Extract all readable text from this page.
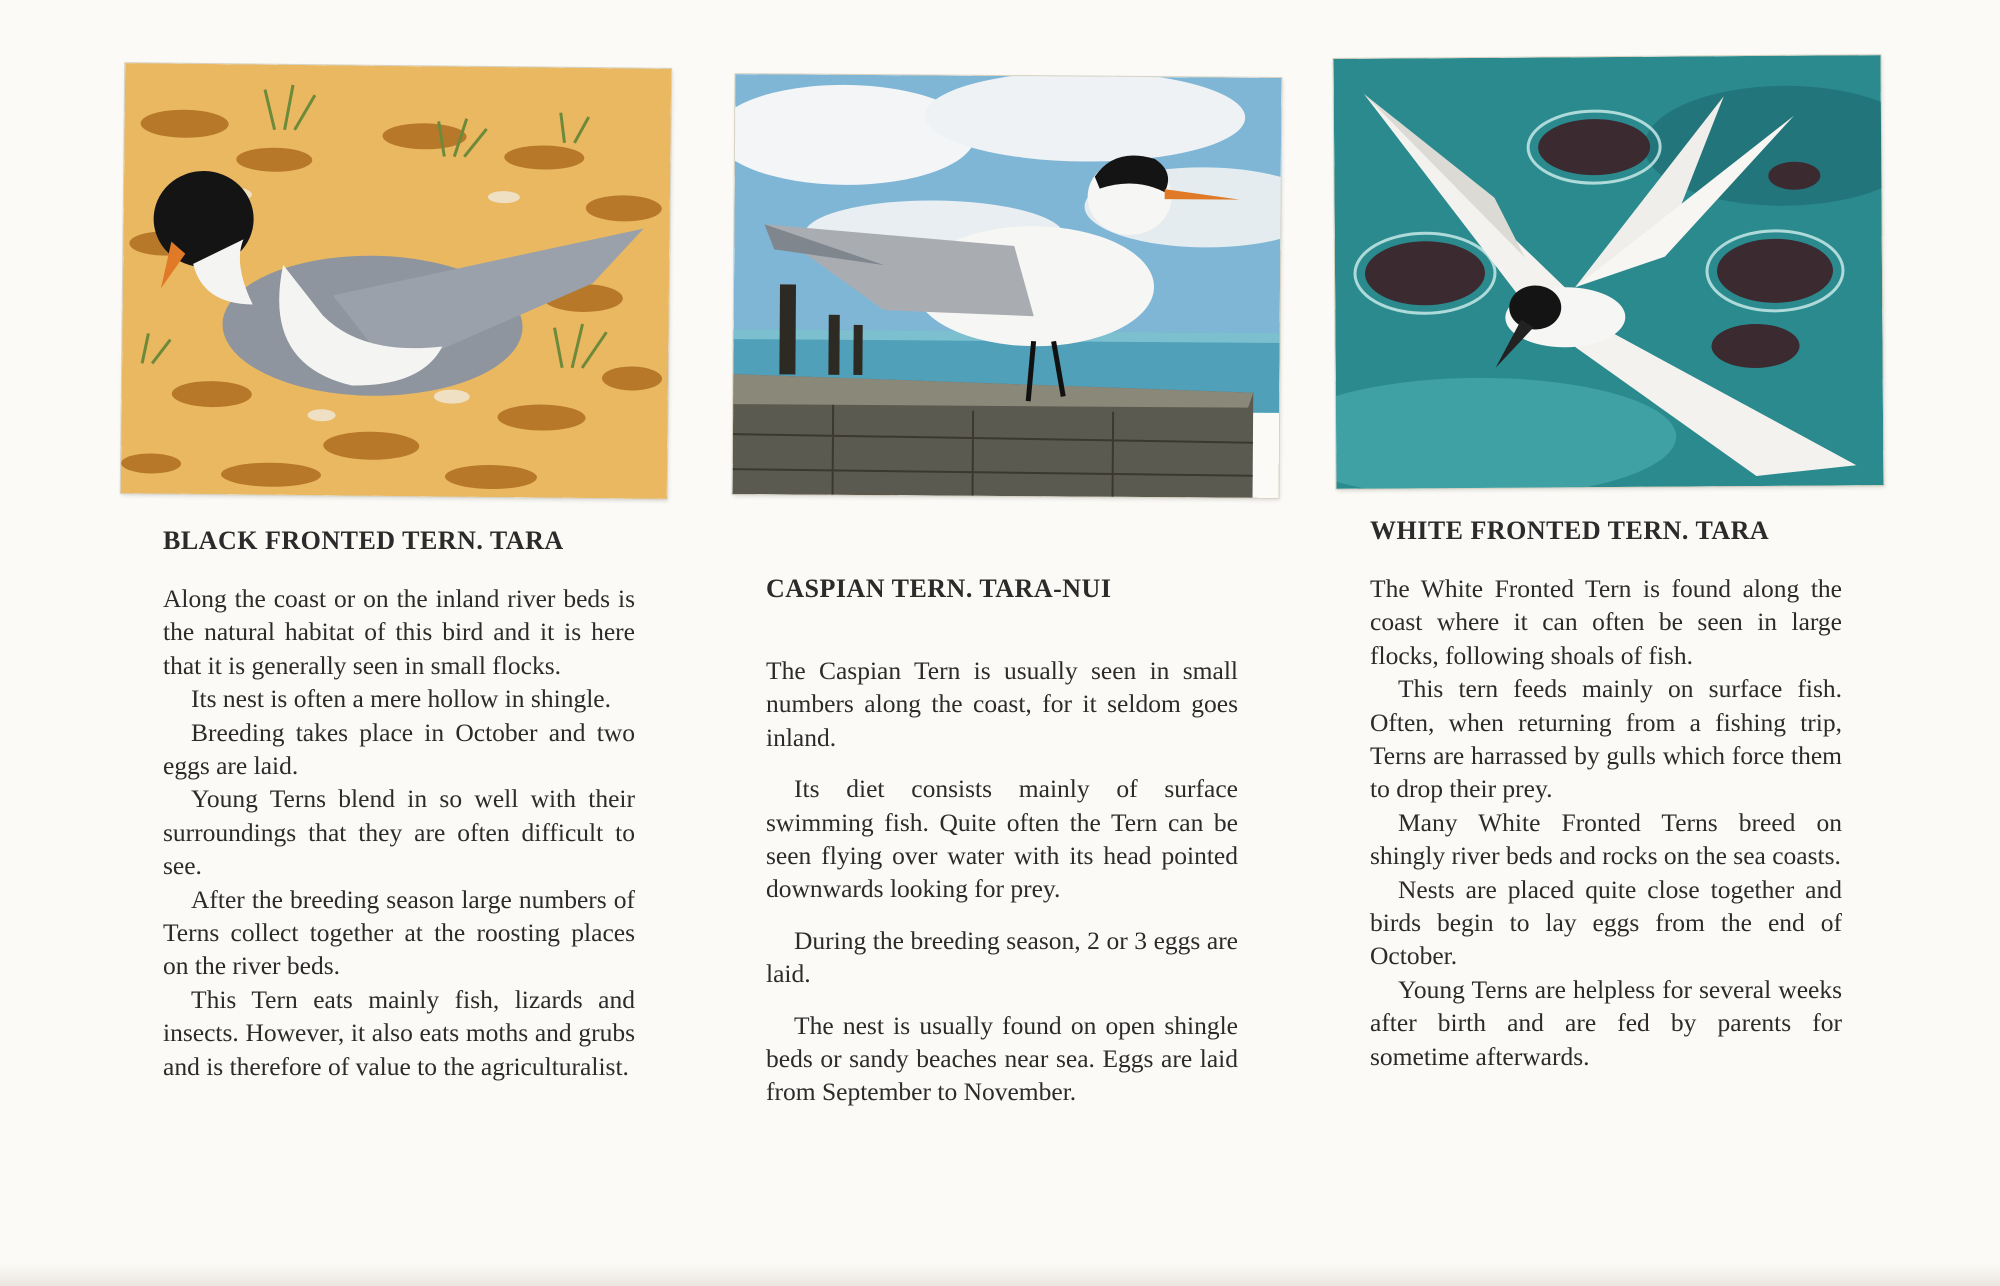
BLACK FRONTED TERN. TARA

Along the coast or on the inland river beds is the natural habitat of this bird and it is here that it is generally seen in small flocks.

Its nest is often a mere hollow in shingle.

Breeding takes place in October and two eggs are laid.

Young Terns blend in so well with their surroundings that they are often difficult to see.

After the breeding season large numbers of Terns collect together at the roosting places on the river beds.

This Tern eats mainly fish, lizards and insects. However, it also eats moths and grubs and is therefore of value to the agriculturalist.

CASPIAN TERN. TARA-NUI

The Caspian Tern is usually seen in small numbers along the coast, for it seldom goes inland.

Its diet consists mainly of surface swimming fish. Quite often the Tern can be seen flying over water with its head pointed downwards looking for prey.

During the breeding season, 2 or 3 eggs are laid.

The nest is usually found on open shingle beds or sandy beaches near sea. Eggs are laid from September to November.

WHITE FRONTED TERN. TARA

The White Fronted Tern is found along the coast where it can often be seen in large flocks, following shoals of fish.

This tern feeds mainly on surface fish. Often, when returning from a fishing trip, Terns are harrassed by gulls which force them to drop their prey.

Many White Fronted Terns breed on shingly river beds and rocks on the sea coasts.

Nests are placed quite close together and birds begin to lay eggs from the end of October.

Young Terns are helpless for several weeks after birth and are fed by parents for sometime afterwards.
